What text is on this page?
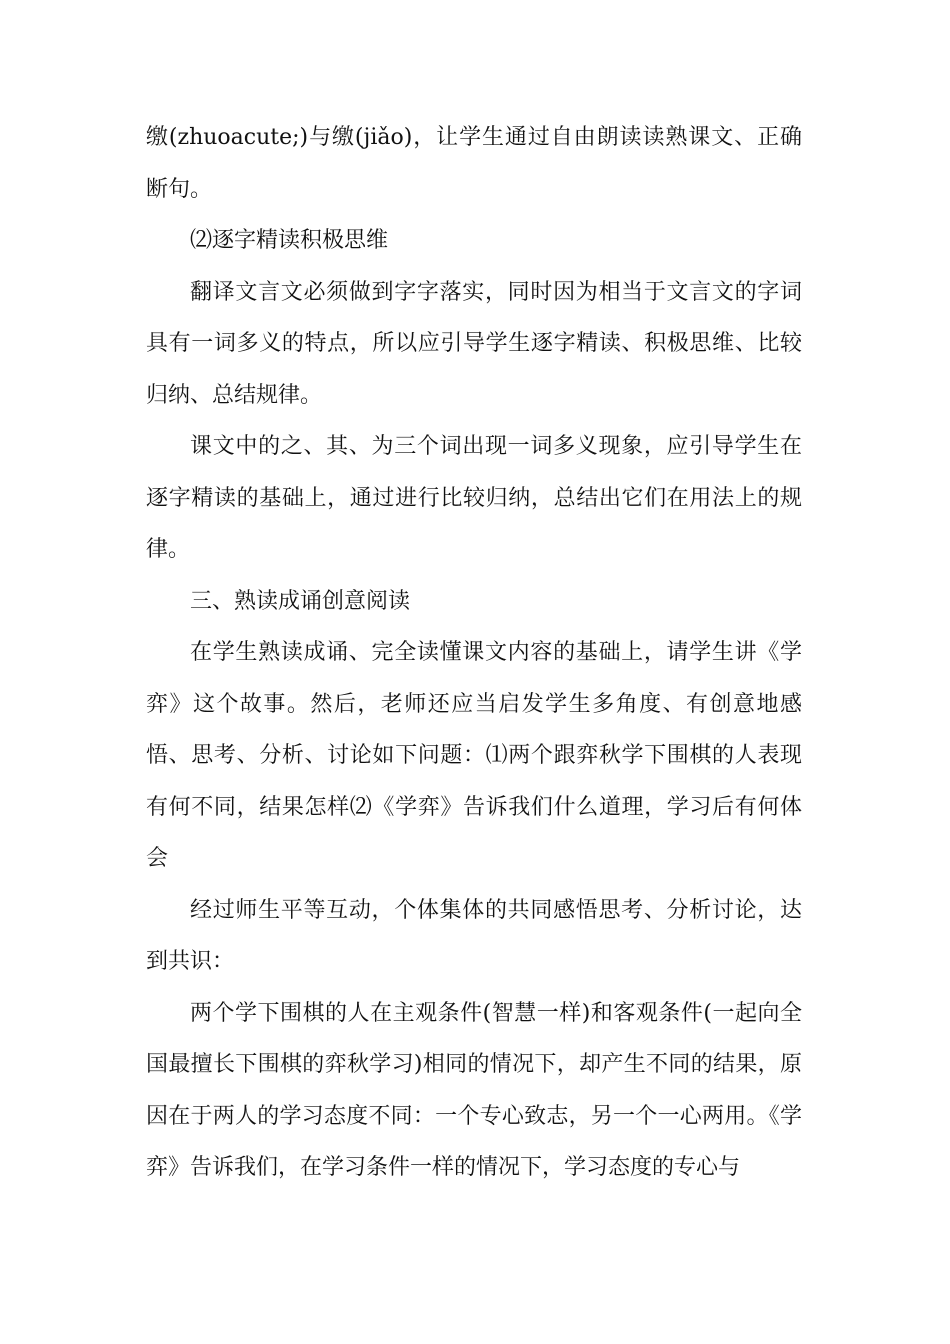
缴(zhuoacute;)与缴(jiǎo)，让学生通过自由朗读读熟课文、正确断句。

⑵逐字精读积极思维

翻译文言文必须做到字字落实，同时因为相当于文言文的字词具有一词多义的特点，所以应引导学生逐字精读、积极思维、比较归纳、总结规律。

课文中的之、其、为三个词出现一词多义现象，应引导学生在逐字精读的基础上，通过进行比较归纳，总结出它们在用法上的规律。

三、熟读成诵创意阅读

在学生熟读成诵、完全读懂课文内容的基础上，请学生讲《学弈》这个故事。然后，老师还应当启发学生多角度、有创意地感悟、思考、分析、讨论如下问题：⑴两个跟弈秋学下围棋的人表现有何不同，结果怎样⑵《学弈》告诉我们什么道理，学习后有何体会

经过师生平等互动，个体集体的共同感悟思考、分析讨论，达到共识：

两个学下围棋的人在主观条件(智慧一样)和客观条件(一起向全国最擅长下围棋的弈秋学习)相同的情况下，却产生不同的结果，原因在于两人的学习态度不同：一个专心致志，另一个一心两用。《学弈》告诉我们，在学习条件一样的情况下，学习态度的专心与
